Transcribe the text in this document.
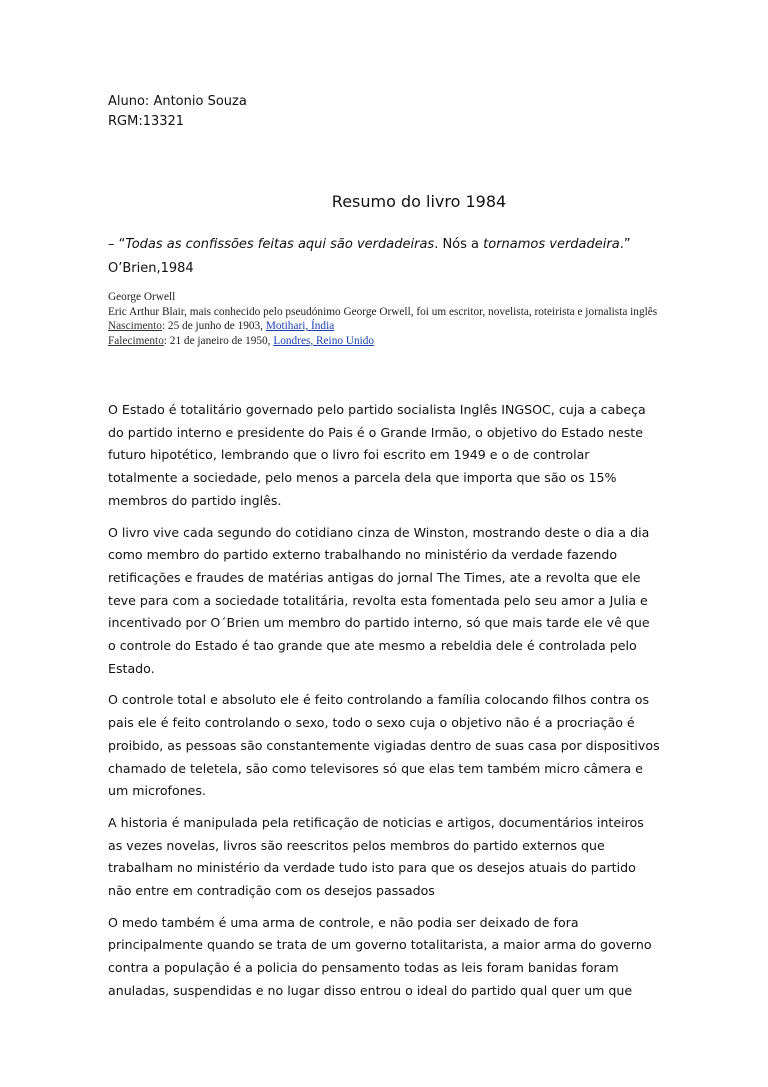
Aluno: Antonio Souza
RGM:13321
Resumo do livro 1984
– “Todas as confissões feitas aqui são verdadeiras. Nós a tornamos verdadeira.”
O’Brien,1984
George Orwell
Eric Arthur Blair, mais conhecido pelo pseudónimo George Orwell, foi um escritor, novelista, roteirista e jornalista inglês
Nascimento: 25 de junho de 1903, Motihari, Índia
Falecimento: 21 de janeiro de 1950, Londres, Reino Unido

O Estado é totalitário governado pelo partido socialista Inglês INGSOC, cuja a cabeça do partido interno e presidente do Pais é o Grande Irmão, o objetivo do Estado neste futuro hipotético, lembrando que o livro foi escrito em 1949 e o de controlar totalmente a sociedade, pelo menos a parcela dela que importa que são os 15% membros do partido inglês.

O livro vive cada segundo do cotidiano cinza de Winston, mostrando deste o dia a dia como membro do partido externo trabalhando no ministério da verdade fazendo retificações e fraudes de matérias antigas do jornal The Times, ate a revolta que ele teve para com a sociedade totalitária, revolta esta fomentada pelo seu amor a Julia e incentivado por O´Brien um membro do partido interno, só que mais tarde ele vê que o controle do Estado é tao grande que ate mesmo a rebeldia dele é controlada pelo Estado.

O controle total e absoluto ele é feito controlando a família colocando filhos contra os pais ele é feito controlando o sexo, todo o sexo cuja o objetivo não é a procriação é proibido, as pessoas são constantemente vigiadas dentro de suas casa por dispositivos chamado de teletela, são como televisores só que elas tem também micro câmera e um microfones.

A historia é manipulada pela retificação de noticias e artigos, documentários inteiros as vezes novelas, livros são reescritos pelos membros do partido externos que trabalham no ministério da verdade tudo isto para que os desejos atuais do partido não entre em contradição com os desejos passados

O medo também é uma arma de controle, e não podia ser deixado de fora principalmente quando se trata de um governo totalitarista, a maior arma do governo contra a população é a policia do pensamento todas as leis foram banidas foram anuladas, suspendidas e no lugar disso entrou o ideal do partido qual quer um que
